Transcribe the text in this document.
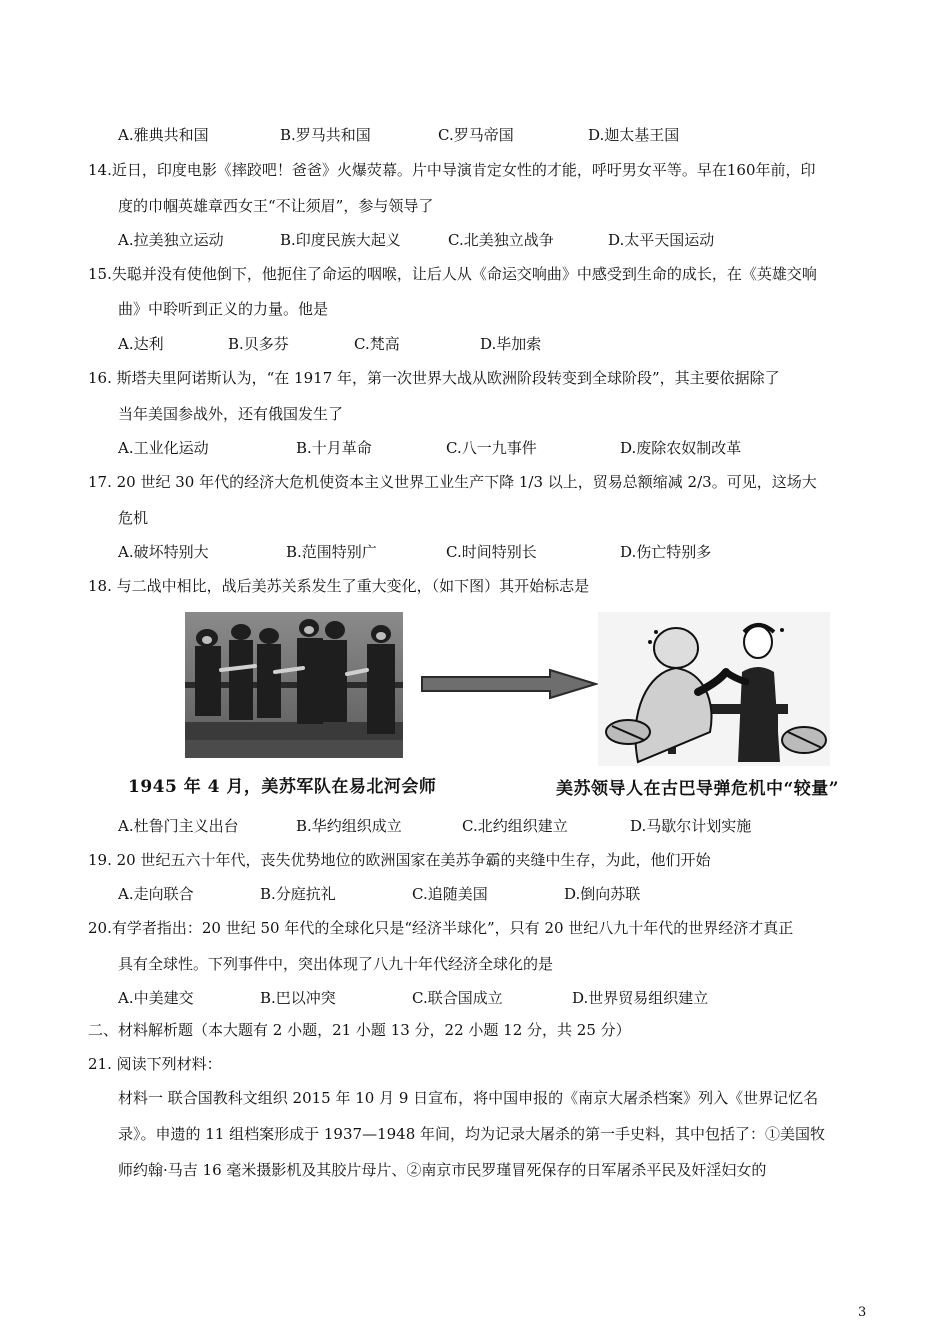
A.雅典共和国	B.罗马共和国	C.罗马帝国	D.迦太基王国
14.近日，印度电影《摔跤吧！爸爸》火爆荧幕。片中导演肯定女性的才能，呼吁男女平等。早在160年前，印
度的巾帼英雄章西女王“不让须眉”，参与领导了
A.拉美独立运动	B.印度民族大起义	C.北美独立战争	D.太平天国运动
15.失聪并没有使他倒下，他扼住了命运的咽喉，让后人从《命运交响曲》中感受到生命的成长，在《英雄交响
曲》中聆听到正义的力量。他是
A.达利	B.贝多芬	C.梵高	D.毕加索
16. 斯塔夫里阿诺斯认为，“在 1917 年，第一次世界大战从欧洲阶段转变到全球阶段”，其主要依据除了
当年美国参战外，还有俄国发生了
A.工业化运动	B.十月革命	C.八一九事件	D.废除农奴制改革
17. 20 世纪 30 年代的经济大危机使资本主义世界工业生产下降 1/3 以上，贸易总额缩减 2/3。可见，这场大
危机
A.破坏特别大	B.范围特别广	C.时间特别长	D.伤亡特别多
18. 与二战中相比，战后美苏关系发生了重大变化，（如下图）其开始标志是
1945 年 4 月，美苏军队在易北河会师	美苏领导人在古巴导弹危机中“较量”
A.杜鲁门主义出台	B.华约组织成立	C.北约组织建立	D.马歇尔计划实施
19. 20 世纪五六十年代，丧失优势地位的欧洲国家在美苏争霸的夹缝中生存，为此，他们开始
A.走向联合	B.分庭抗礼	C.追随美国	D.倒向苏联
20.有学者指出：20 世纪 50 年代的全球化只是“经济半球化”，只有 20 世纪八九十年代的世界经济才真正
具有全球性。下列事件中，突出体现了八九十年代经济全球化的是
A.中美建交	B.巴以冲突	C.联合国成立	D.世界贸易组织建立
二、材料解析题（本大题有 2 小题，21 小题 13 分，22 小题 12 分，共 25 分）
21. 阅读下列材料：
材料一 联合国教科文组织 2015 年 10 月 9 日宣布，将中国申报的《南京大屠杀档案》列入《世界记忆名
录》。申遗的 11 组档案形成于 1937—1948 年间，均为记录大屠杀的第一手史料，其中包括了：①美国牧
师约翰·马吉 16 毫米摄影机及其胶片母片、②南京市民罗瑾冒死保存的日军屠杀平民及奸淫妇女的
3
